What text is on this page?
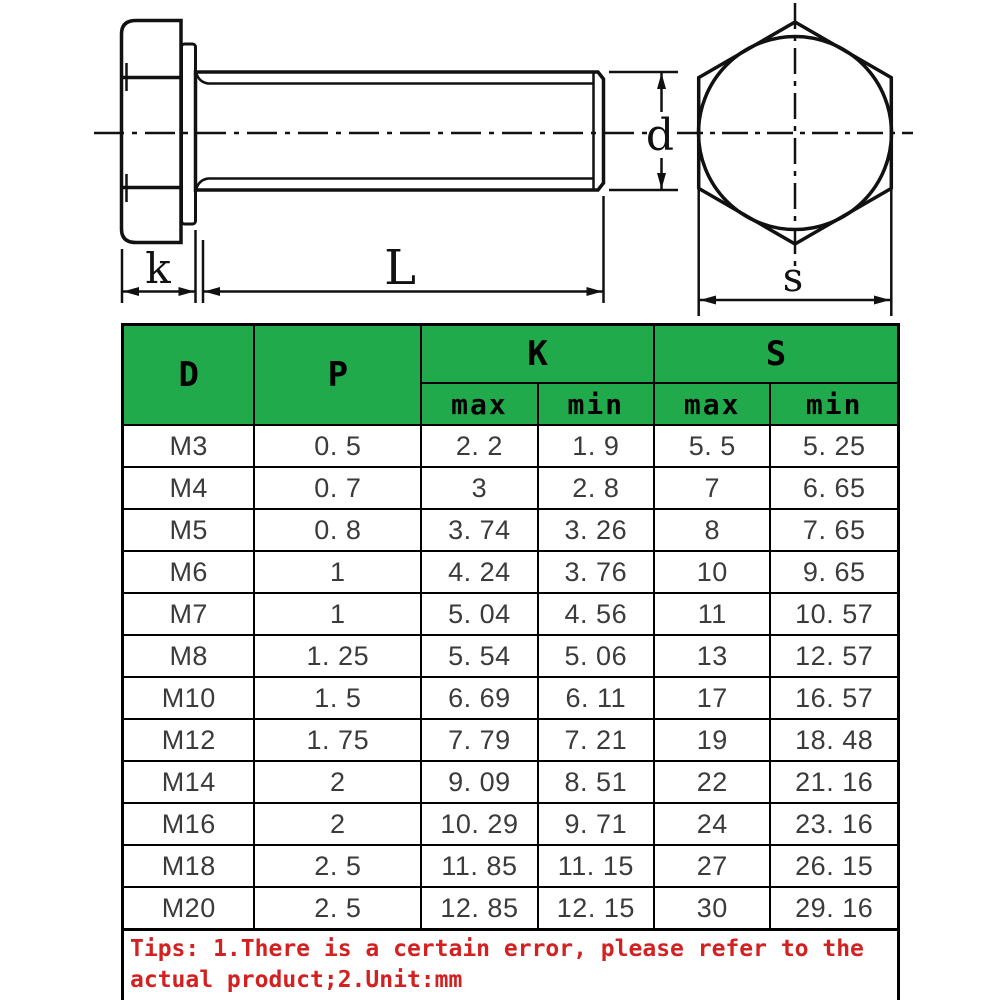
k	L
d
s
D	P	K		S	
		max	min	max	min
M3	0. 5	2. 2	1. 9	5. 5	5. 25
M4	0. 7	3	2. 8	7	6. 65
M5	0. 8	3. 74	3. 26	8	7. 65
M6	1	4. 24	3. 76	10	9. 65
M7	1	5. 04	4. 56	11	10. 57
M8	1. 25	5. 54	5. 06	13	12. 57
M10	1. 5	6. 69	6. 11	17	16. 57
M12	1. 75	7. 79	7. 21	19	18. 48
M14	2	9. 09	8. 51	22	21. 16
M16	2	10. 29	9. 71	24	23. 16
M18	2. 5	11. 85	11. 15	27	26. 15
M20	2. 5	12. 85	12. 15	30	29. 16
Tips: 1.There is a certain error, please refer to the actual product;2.Unit:mm
